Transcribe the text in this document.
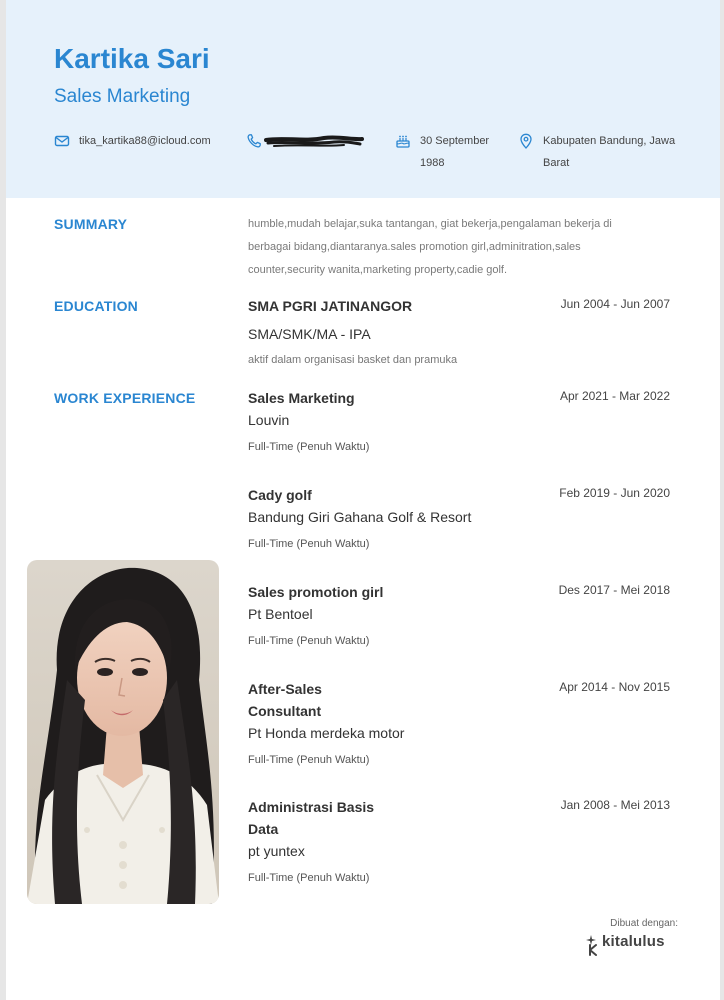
Kartika Sari
Sales Marketing
tika_kartika88@icloud.com	30 September
1988
Kabupaten Bandung, Jawa
Barat
SUMMARY	humble,mudah belajar,suka tantangan, giat bekerja,pengalaman bekerja di
berbagai bidang,diantaranya.sales promotion girl,adminitration,sales
counter,security wanita,marketing property,cadie golf.
EDUCATION	SMA PGRI JATINANGOR	Jun 2004 - Jun 2007
SMA/SMK/MA - IPA
aktif dalam organisasi basket dan pramuka
WORK EXPERIENCE	Sales Marketing	Apr 2021 - Mar 2022
Louvin
Full-Time (Penuh Waktu)
Cady golf	Feb 2019 - Jun 2020
Bandung Giri Gahana Golf & Resort
Full-Time (Penuh Waktu)
Sales promotion girl	Des 2017 - Mei 2018
Pt Bentoel
Full-Time (Penuh Waktu)
After-Sales
Consultant
Apr 2014 - Nov 2015
Pt Honda merdeka motor
Full-Time (Penuh Waktu)
Administrasi Basis
Data
Jan 2008 - Mei 2013
pt yuntex
Full-Time (Penuh Waktu)
Dibuat dengan:
kitalulus
